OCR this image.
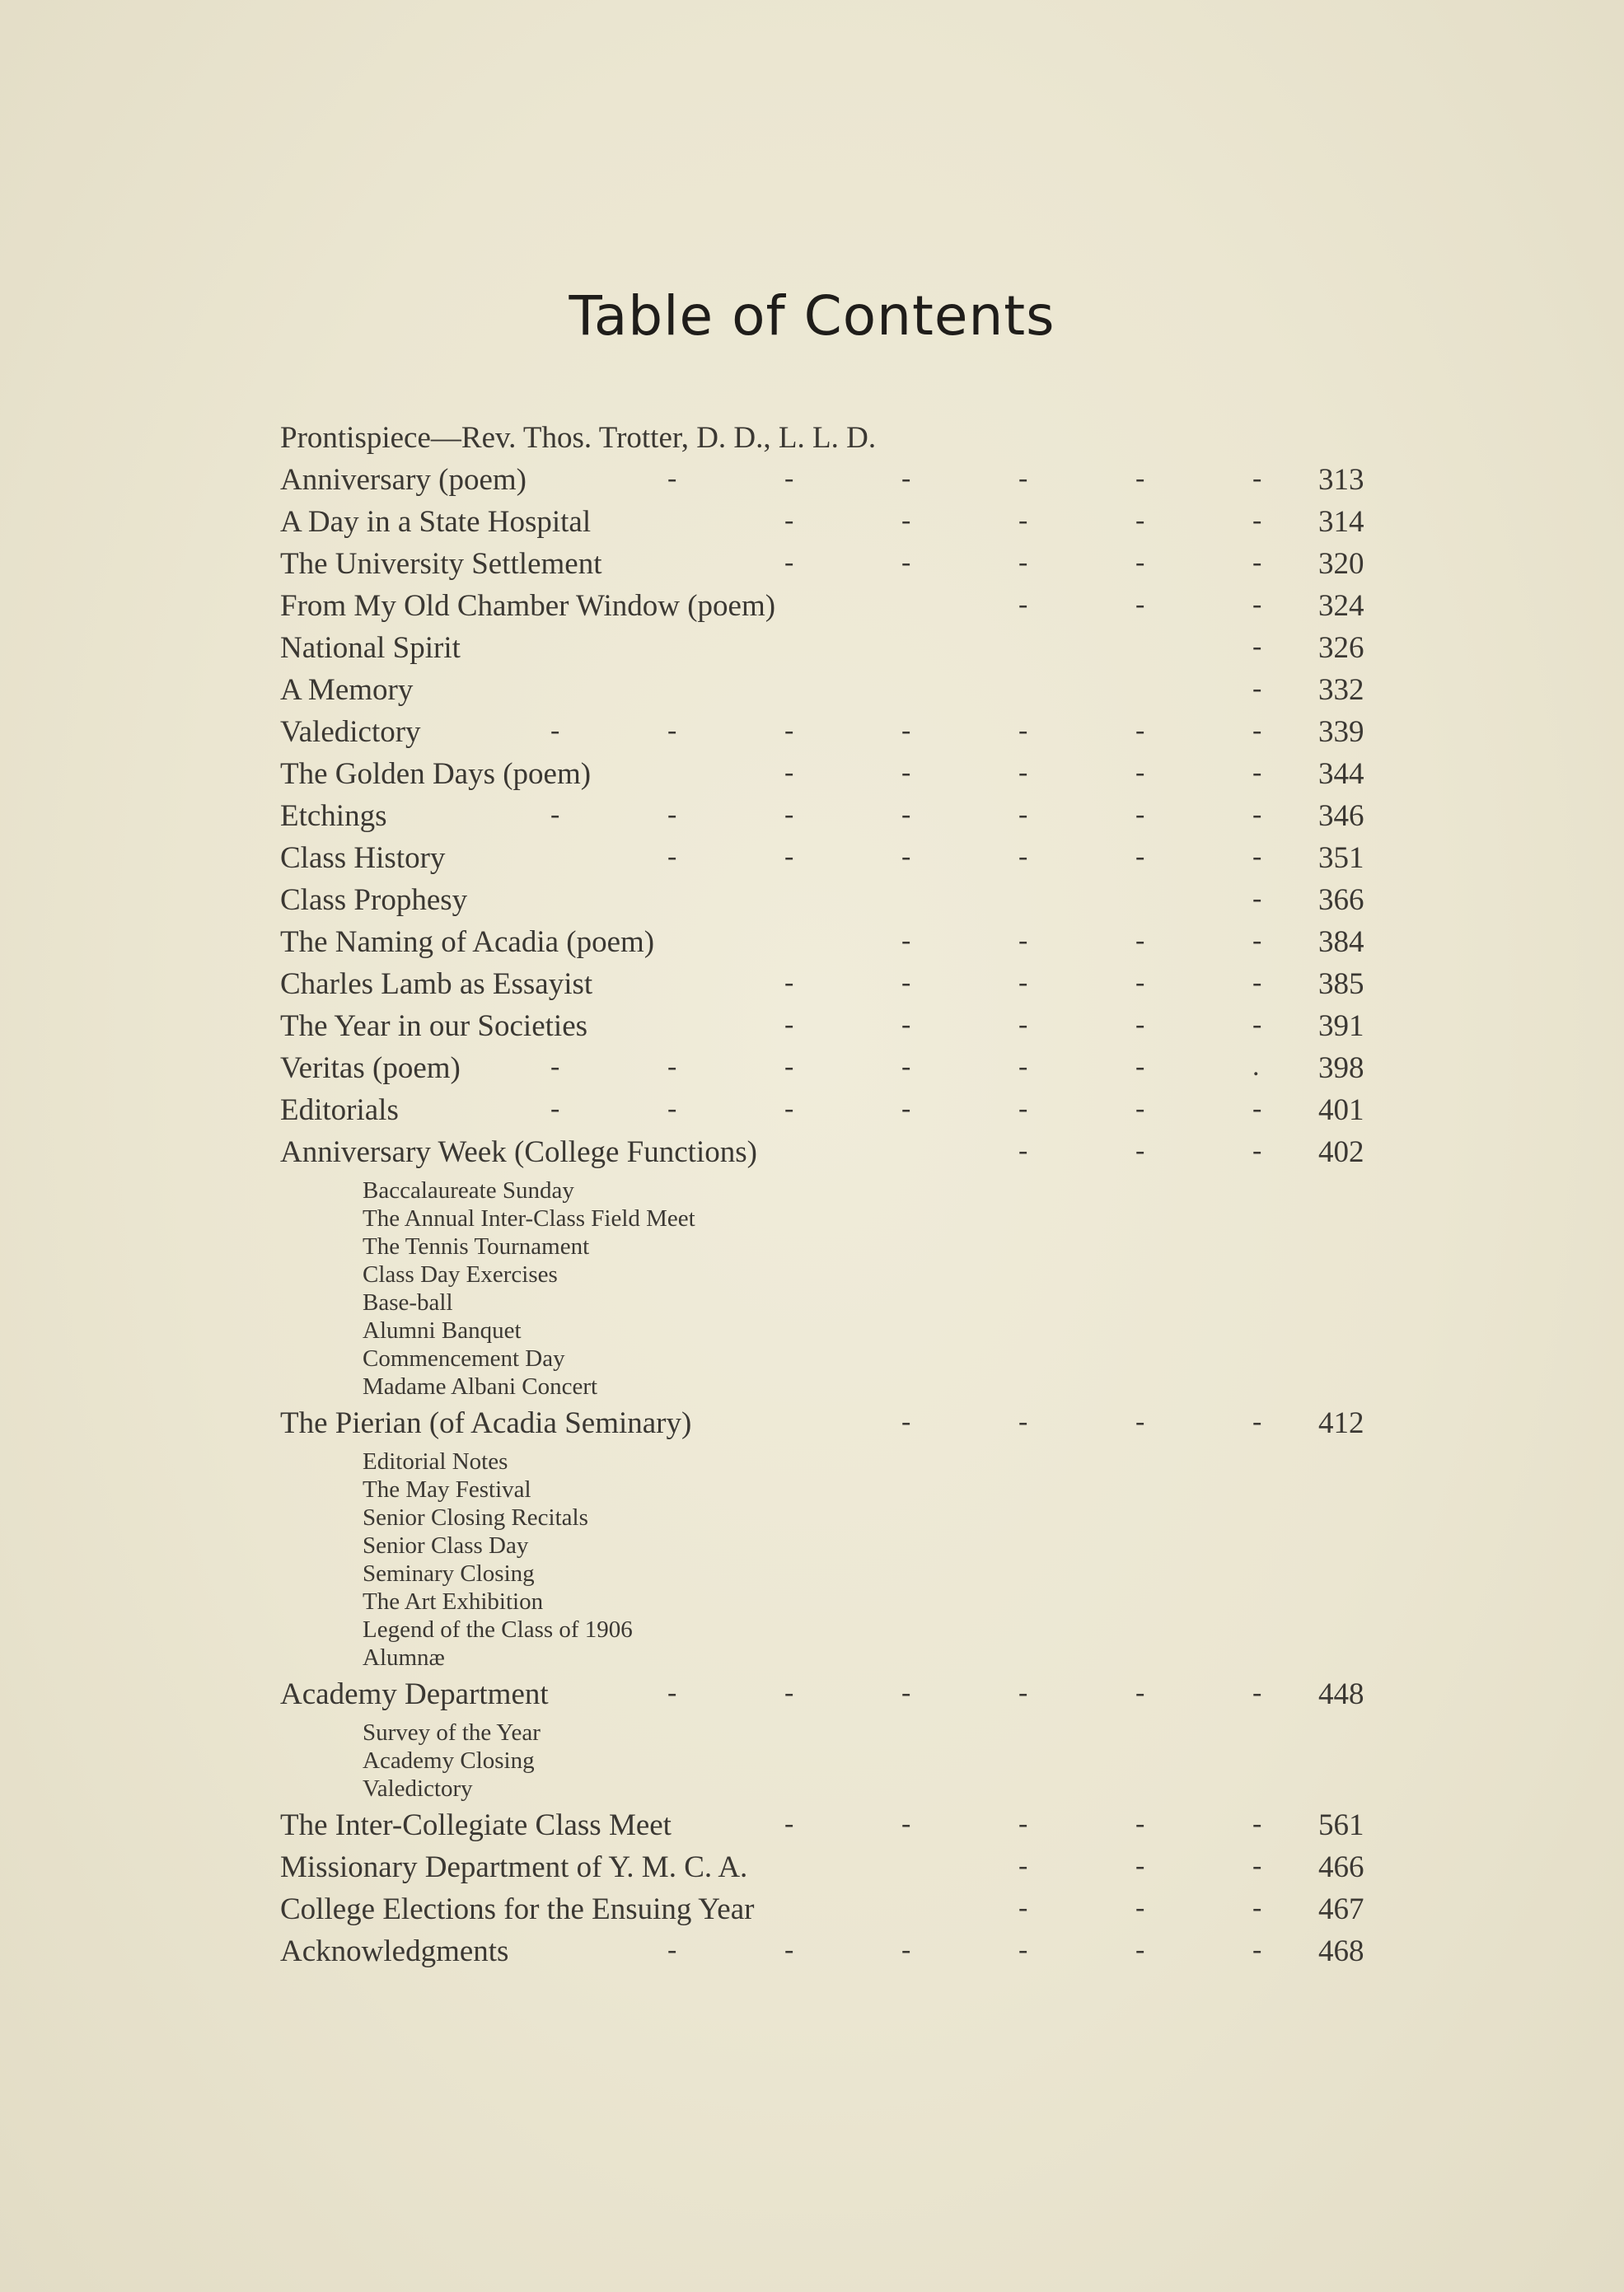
Table of Contents
Prontispiece—Rev. Thos. Trotter, D. D., L. L. D.
Anniversary (poem)	-	-	-	-	-	- 313
A Day in a State Hospital	-	-	-	-	- 314
The University Settlement	-	-	-	-	- 320
From My Old Chamber Window (poem)	-	-	- 324
National Spirit	- 326
A Memory	- 332
Valedictory	-	-	-	-	-	-	- 339
The Golden Days (poem)	-	-	-	-	- 344
Etchings	-	-	-	-	-	-	- 346
Class History	-	-	-	-	-	- 351
Class Prophesy	- 366
The Naming of Acadia (poem)	-	-	-	- 384
Charles Lamb as Essayist	-	-	-	-	- 385
The Year in our Societies	-	-	-	-	- 391
Veritas (poem)	-	-	-	-	-	-	. 398
Editorials	-	-	-	-	-	-	- 401
Anniversary Week (College Functions)	-	-	- 402
Baccalaureate Sunday
The Annual Inter-Class Field Meet
The Tennis Tournament
Class Day Exercises
Base-ball
Alumni Banquet
Commencement Day
Madame Albani Concert
The Pierian (of Acadia Seminary)	-	-	-	- 412
Editorial Notes
The May Festival
Senior Closing Recitals
Senior Class Day
Seminary Closing
The Art Exhibition
Legend of the Class of 1906
Alumnæ
Academy Department	-	-	-	-	-	- 448
Survey of the Year
Academy Closing
Valedictory
The Inter-Collegiate Class Meet	-	-	-	-	- 561
Missionary Department of Y. M. C. A.	-	-	- 466
College Elections for the Ensuing Year	-	-	- 467
Acknowledgments	-	-	-	-	-	- 468
